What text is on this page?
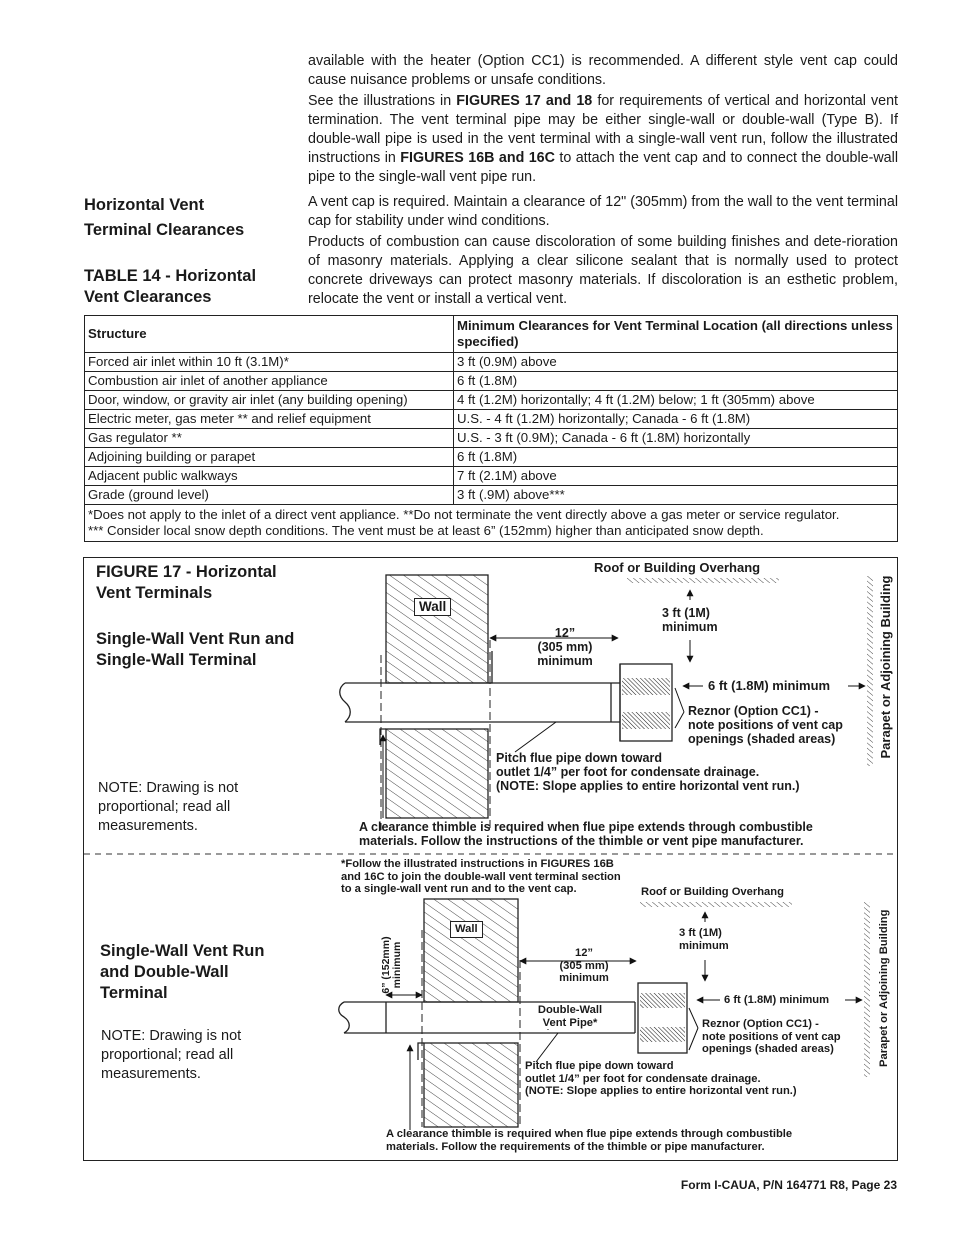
available with the heater (Option CC1) is recommended. A different style vent cap could cause nuisance problems or unsafe conditions.

See the illustrations in FIGURES 17 and 18 for requirements of vertical and horizontal vent termination. The vent terminal pipe may be either single-wall or double-wall (Type B). If double-wall pipe is used in the vent terminal with a single-wall vent run, follow the illustrated instructions in FIGURES 16B and 16C to attach the vent cap and to connect the double-wall pipe to the single-wall vent pipe run.

Horizontal Vent
Terminal Clearances
TABLE 14 - Horizontal
Vent Clearances

A vent cap is required. Maintain a clearance of 12" (305mm) from the wall to the vent terminal cap for stability under wind conditions.

Products of combustion can cause discoloration of some building finishes and dete-rioration of masonry materials. Applying a clear silicone sealant that is normally used to protect concrete driveways can protect masonry materials. If discoloration is an esthetic problem, relocate the vent or install a vertical vent.

Structure	Minimum Clearances for Vent Terminal Location (all directions unless specified)
Forced air inlet within 10 ft (3.1M)*	3 ft (0.9M) above
Combustion air inlet of another appliance	6 ft (1.8M)
Door, window, or gravity air inlet (any building opening)	4 ft (1.2M) horizontally; 4 ft (1.2M) below; 1 ft (305mm) above
Electric meter, gas meter ** and relief equipment	U.S. - 4 ft (1.2M) horizontally; Canada - 6 ft (1.8M)
Gas regulator **	U.S. - 3 ft (0.9M); Canada - 6 ft (1.8M) horizontally
Adjoining building or parapet	6 ft (1.8M)
Adjacent public walkways	7 ft (2.1M) above
Grade (ground level)	3 ft (.9M) above***

*Does not apply to the inlet of a direct vent appliance. **Do not terminate the vent directly above a gas meter or service regulator.
*** Consider local snow depth conditions. The vent must be at least 6” (152mm) higher than anticipated snow depth.	
Wall
Wall
FIGURE 17 - Horizontal
Vent Terminals
Single-Wall Vent Run and
Single-Wall Terminal
NOTE: Drawing is not
proportional; read all
measurements.
Roof or Building Overhang
12”
(305 mm)
minimum
3 ft (1M)
minimum
6 ft (1.8M) minimum
Reznor (Option CC1) -
note positions of vent cap
openings (shaded areas)
Pitch flue pipe down toward
outlet 1/4” per foot for condensate drainage.
(NOTE: Slope applies to entire horizontal vent run.)
A clearance thimble is required when flue pipe extends through combustible
materials. Follow the instructions of the thimble or vent pipe manufacturer.
Parapet or Adjoining Building
Single-Wall Vent Run
and Double-Wall
Terminal
NOTE: Drawing is not
proportional; read all
measurements.
*Follow the illustrated instructions in FIGURES 16B
and 16C to join the double-wall vent terminal section
to a single-wall vent run and to the vent cap.	Roof or Building Overhang
6” (152mm) minimum	12”
(305 mm)
minimum
3 ft (1M)
minimum
6 ft (1.8M) minimum
Double-Wall
Vent Pipe*	Reznor (Option CC1) -
note positions of vent cap
openings (shaded areas)
Pitch flue pipe down toward
outlet 1/4” per foot for condensate drainage.
(NOTE: Slope applies to entire horizontal vent run.)
A clearance thimble is required when flue pipe extends through combustible
materials. Follow the requirements of the thimble or pipe manufacturer.
Parapet or Adjoining Building
Form I-CAUA, P/N 164771 R8, Page 23
